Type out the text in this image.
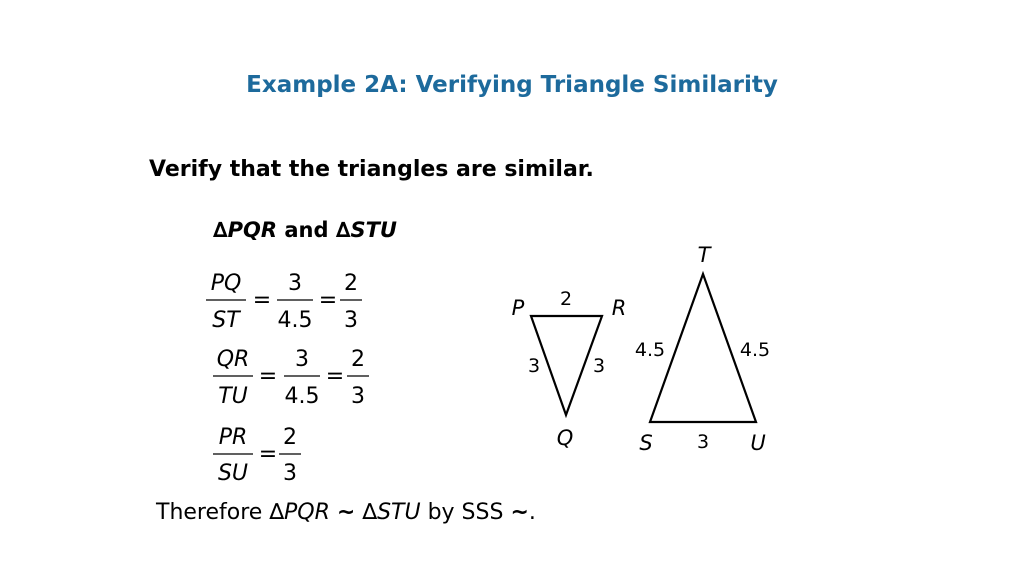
Example 2A: Verifying Triangle Similarity
Verify that the triangles are similar.
∆PQR and ∆STU
PQ
ST
=
3
4.5
=
2
3
QR
TU
=
3
4.5
=
2
3
PR
SU
=
2
3
P	R
Q
2
3	3
T
S	U
4.5	4.5
3
Therefore ∆PQR ~ ∆STU by SSS ~.
